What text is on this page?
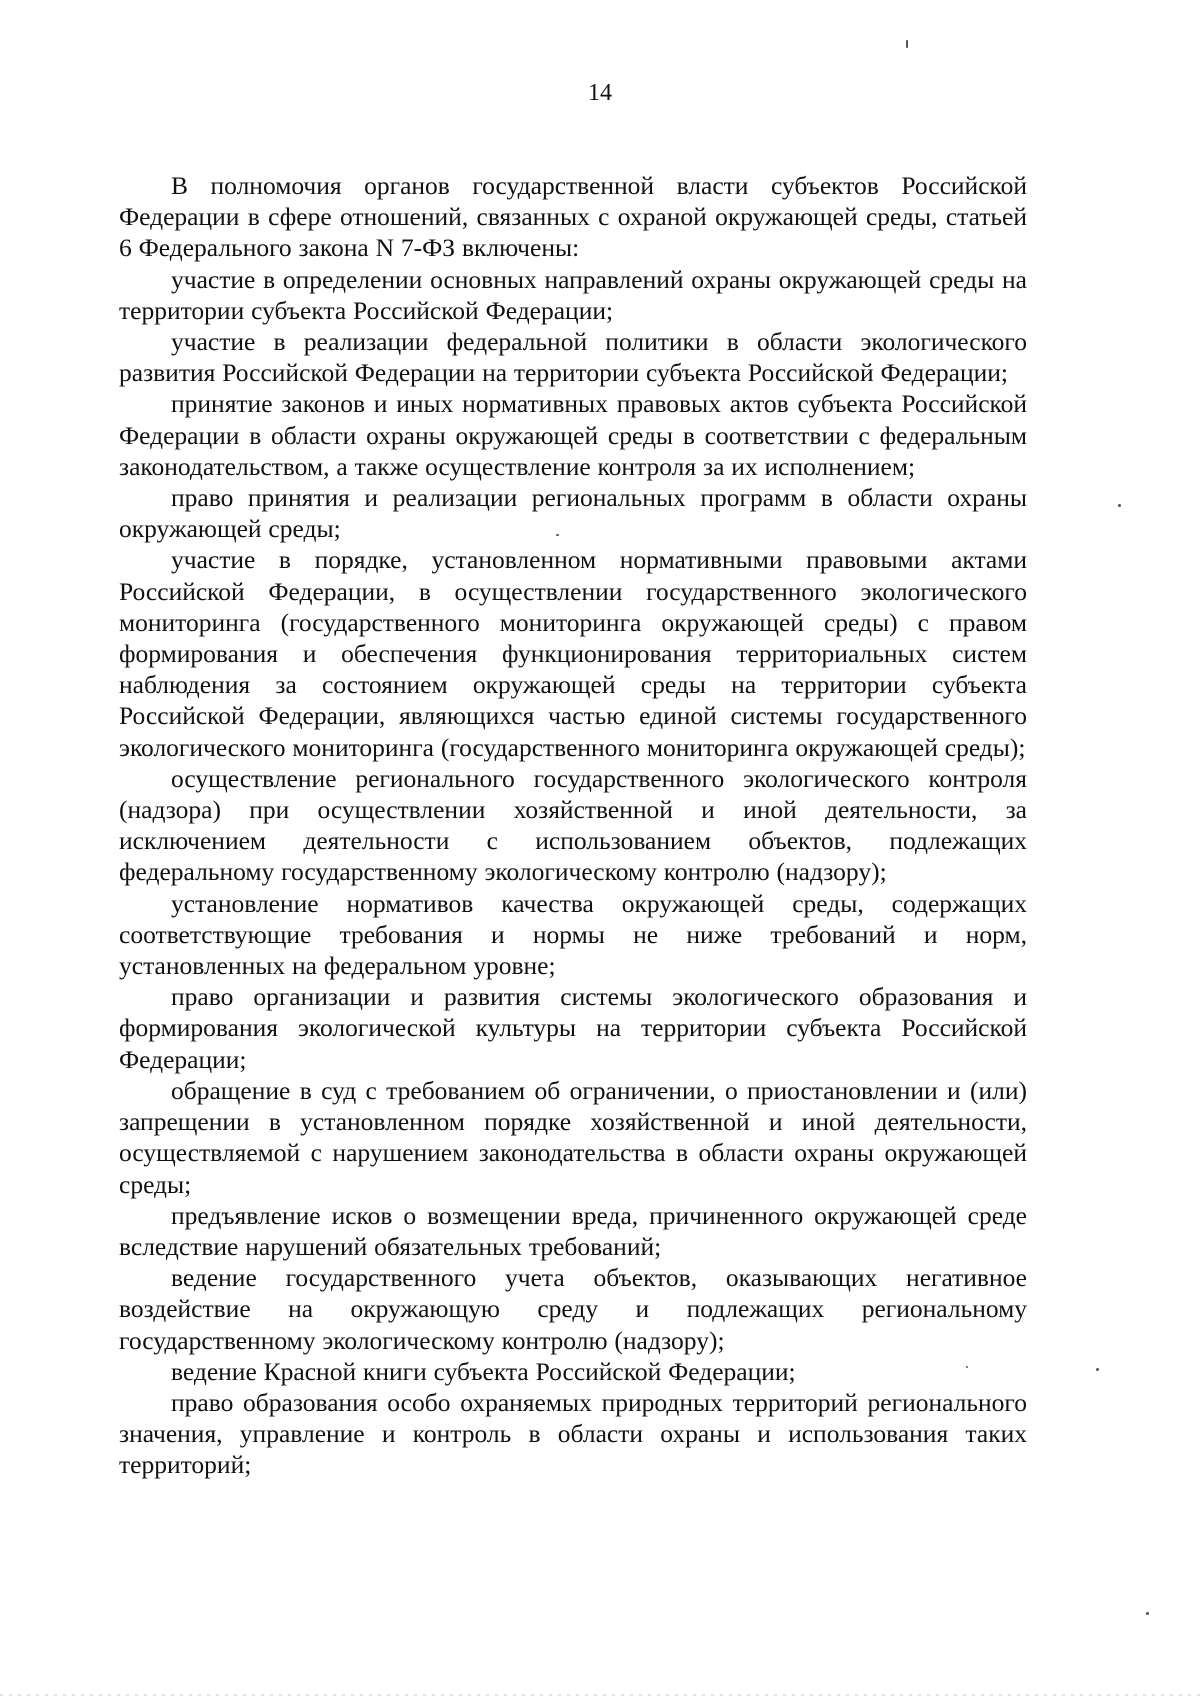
14

В полномочия органов государственной власти субъектов Российской Федерации в сфере отношений, связанных с охраной окружающей среды, статьей 6 Федерального закона N 7-ФЗ включены:

участие в определении основных направлений охраны окружающей среды на территории субъекта Российской Федерации;

участие в реализации федеральной политики в области экологического развития Российской Федерации на территории субъекта Российской Федерации;

принятие законов и иных нормативных правовых актов субъекта Российской Федерации в области охраны окружающей среды в соответствии с федеральным законодательством, а также осуществление контроля за их исполнением;

право принятия и реализации региональных программ в области охраны окружающей среды;

участие в порядке, установленном нормативными правовыми актами Российской Федерации, в осуществлении государственного экологического мониторинга (государственного мониторинга окружающей среды) с правом формирования и обеспечения функционирования территориальных систем наблюдения за состоянием окружающей среды на территории субъекта Российской Федерации, являющихся частью единой системы государственного экологического мониторинга (государственного мониторинга окружающей среды);

осуществление регионального государственного экологического контроля (надзора) при осуществлении хозяйственной и иной деятельности, за исключением деятельности с использованием объектов, подлежащих федеральному государственному экологическому контролю (надзору);

установление нормативов качества окружающей среды, содержащих соответствующие требования и нормы не ниже требований и норм, установленных на федеральном уровне;

право организации и развития системы экологического образования и формирования экологической культуры на территории субъекта Российской Федерации;

обращение в суд с требованием об ограничении, о приостановлении и (или) запрещении в установленном порядке хозяйственной и иной деятельности, осуществляемой с нарушением законодательства в области охраны окружающей среды;

предъявление исков о возмещении вреда, причиненного окружающей среде вследствие нарушений обязательных требований;

ведение государственного учета объектов, оказывающих негативное воздействие на окружающую среду и подлежащих региональному государственному экологическому контролю (надзору);

ведение Красной книги субъекта Российской Федерации;

право образования особо охраняемых природных территорий регионального значения, управление и контроль в области охраны и использования таких территорий;
